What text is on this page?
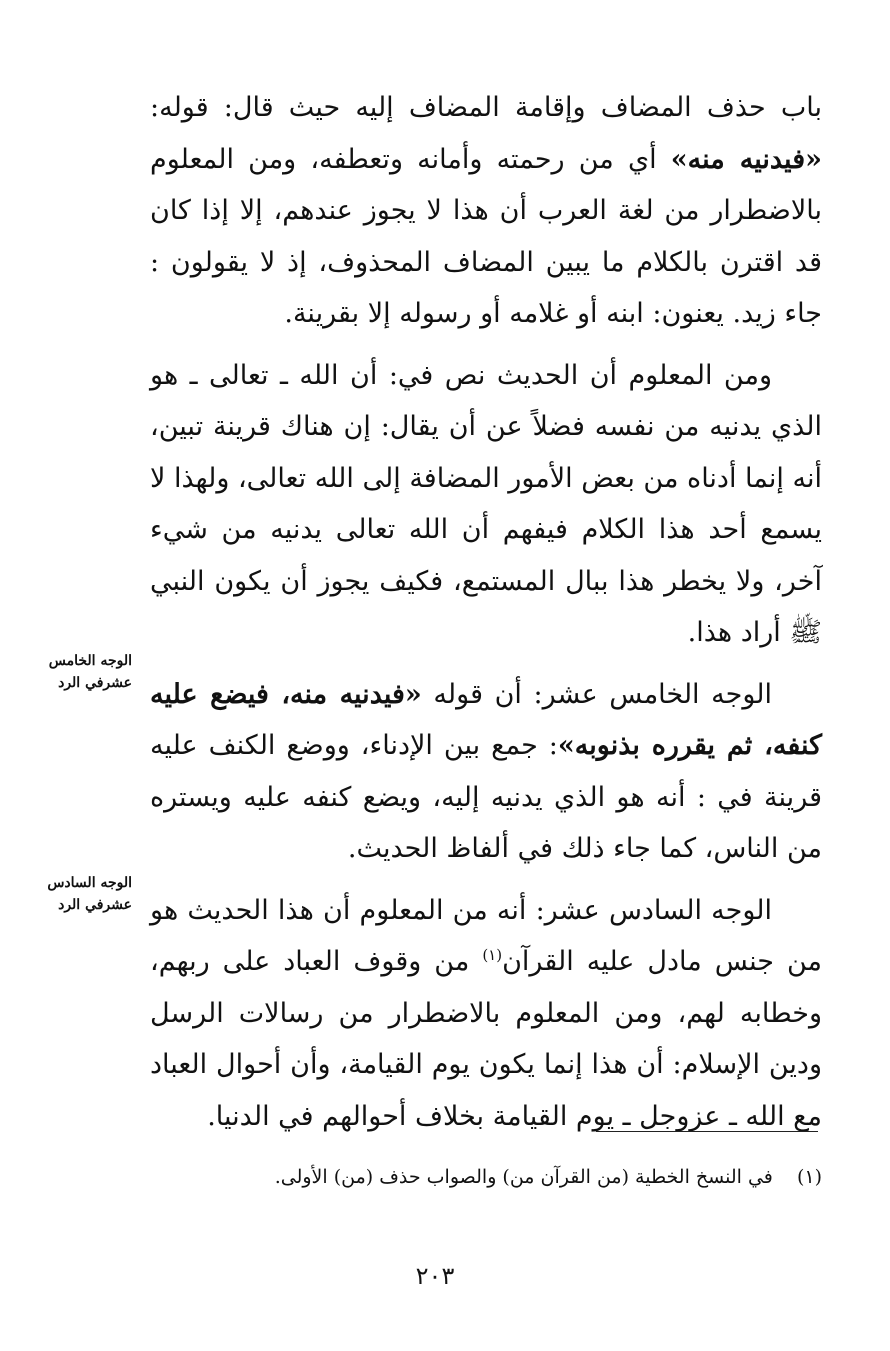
باب حذف المضاف وإقامة المضاف إليه حيث قال: قوله: «فيدنيه منه» أي من رحمته وأمانه وتعطفه، ومن المعلوم بالاضطرار من لغة العرب أن هذا لا يجوز عندهم، إلا إذا كان قد اقترن بالكلام ما يبين المضاف المحذوف، إذ لا يقولون : جاء زيد. يعنون: ابنه أو غلامه أو رسوله إلا بقرينة.

ومن المعلوم أن الحديث نص في: أن الله ـ تعالى ـ هو الذي يدنيه من نفسه فضلاً عن أن يقال: إن هناك قرينة تبين، أنه إنما أدناه من بعض الأمور المضافة إلى الله تعالى، ولهذا لا يسمع أحد هذا الكلام فيفهم أن الله تعالى يدنيه من شيء آخر، ولا يخطر هذا ببال المستمع، فكيف يجوز أن يكون النبي ﷺ أراد هذا.

الوجه الخامس عشر: أن قوله «فيدنيه منه، فيضع عليه كنفه، ثم يقرره بذنوبه»: جمع بين الإدناء، ووضع الكنف عليه قرينة في : أنه هو الذي يدنيه إليه، ويضع كنفه عليه ويستره من الناس، كما جاء ذلك في ألفاظ الحديث.

الوجه السادس عشر: أنه من المعلوم أن هذا الحديث هو من جنس مادل عليه القرآن$^{(١)}$ من وقوف العباد على ربهم، وخطابه لهم، ومن المعلوم بالاضطرار من رسالات الرسل ودين الإسلام: أن هذا إنما يكون يوم القيامة، وأن أحوال العباد مع الله ـ عزوجل ـ يوم القيامة بخلاف أحوالهم في الدنيا.

الوجه الخامس
عشرفي الرد
الوجه السادس
عشرفي الرد
(١) في النسخ الخطية (من القرآن من) والصواب حذف (من) الأولى.
٢٠٣
